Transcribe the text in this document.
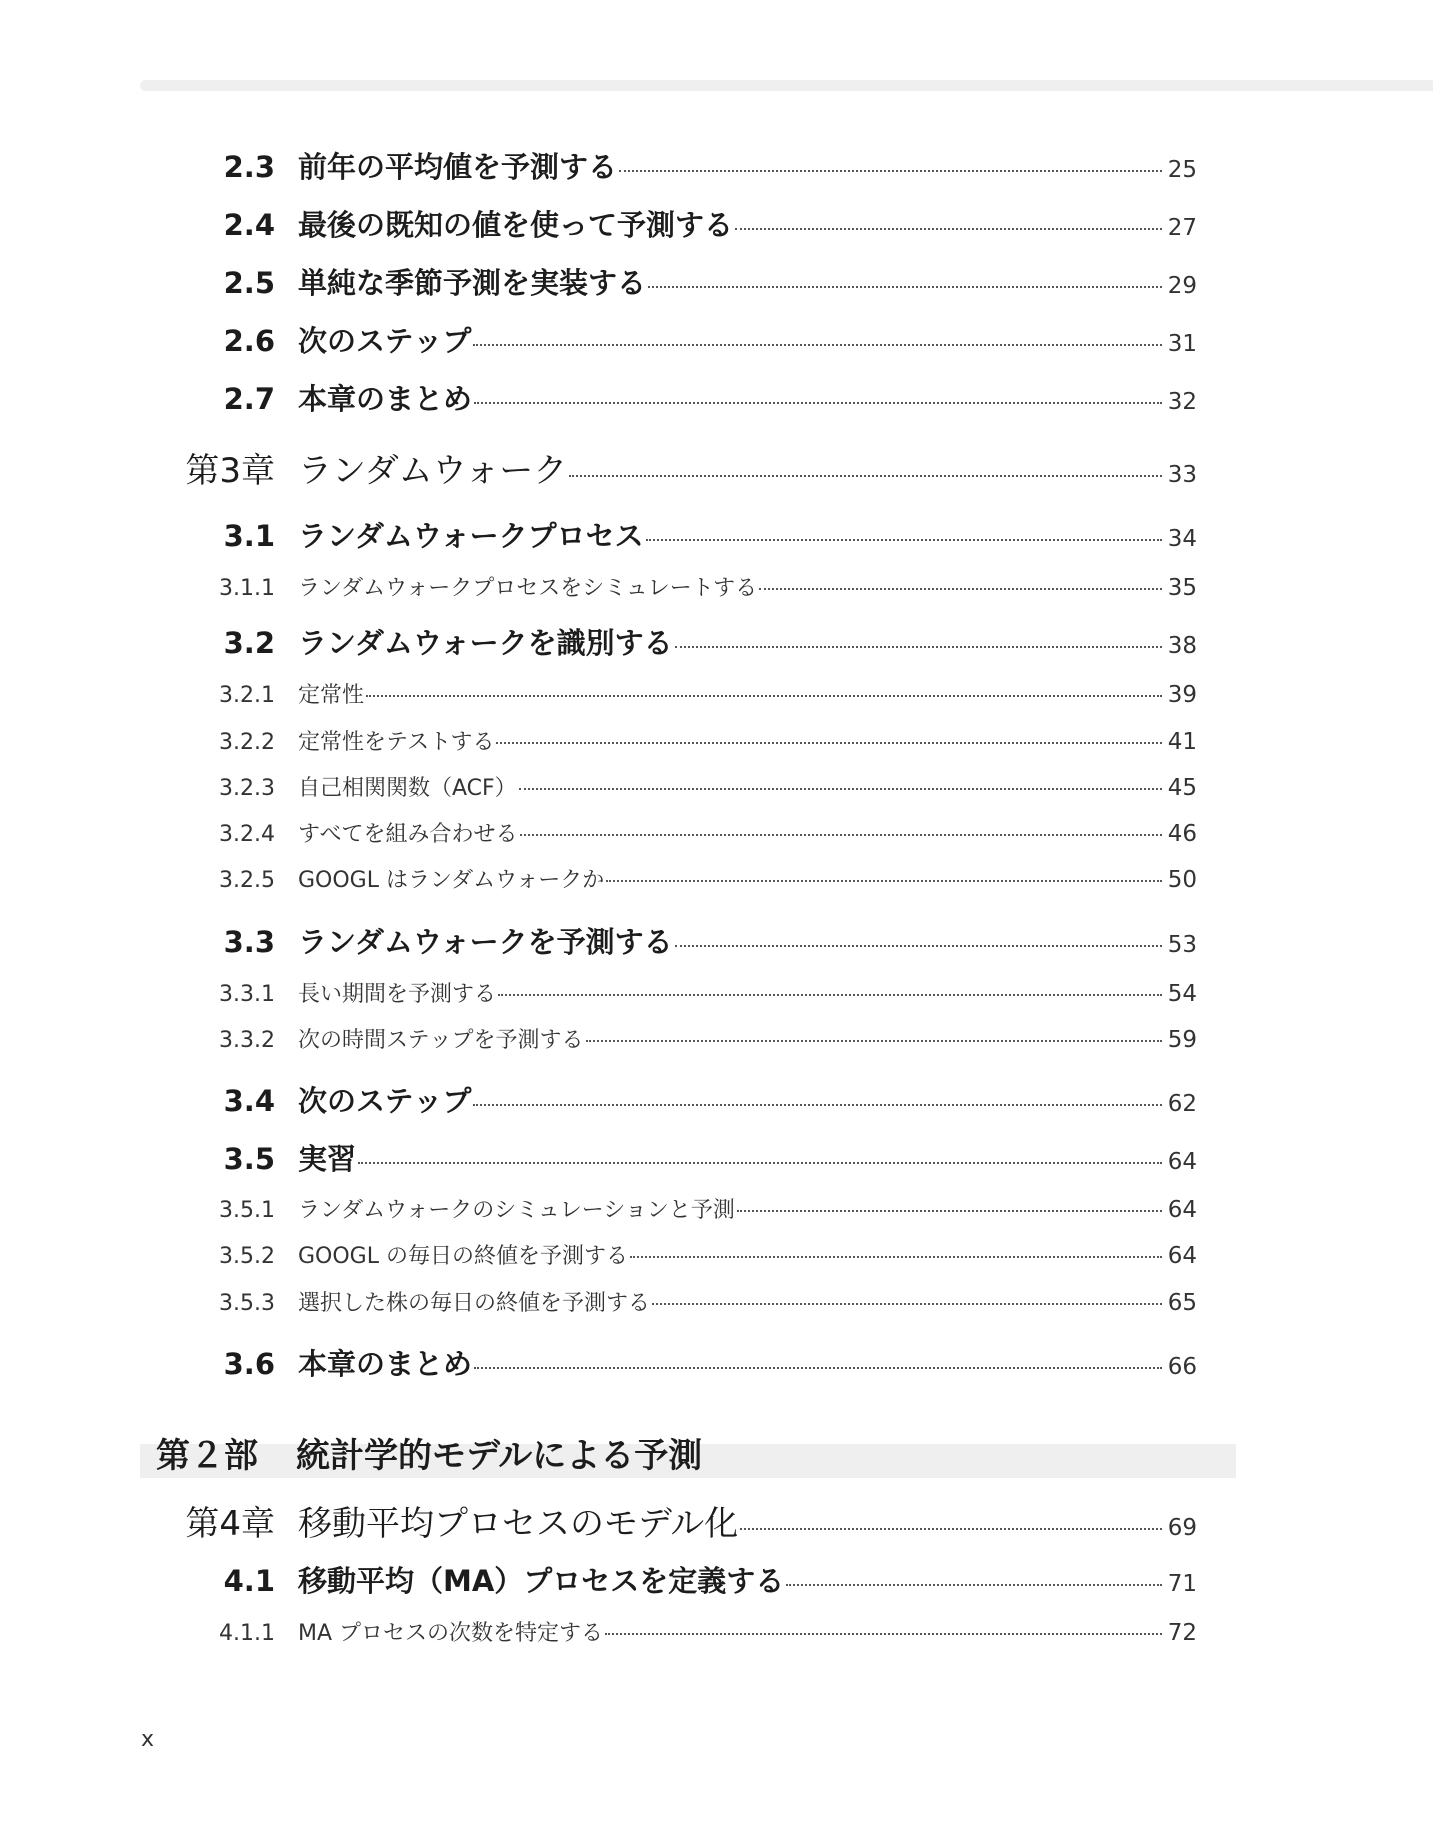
2.3 前年の平均値を予測する	25
2.4 最後の既知の値を使って予測する	27
2.5 単純な季節予測を実装する	29
2.6 次のステップ	31
2.7 本章のまとめ	32
第3章 ランダムウォーク	33
3.1 ランダムウォークプロセス	34
3.1.1	ランダムウォークプロセスをシミュレートする	35
3.2 ランダムウォークを識別する	38
3.2.1	定常性	39
3.2.2	定常性をテストする	41
3.2.3	自己相関関数（ACF）	45
3.2.4	すべてを組み合わせる	46
3.2.5	GOOGL はランダムウォークか	50
3.3 ランダムウォークを予測する	53
3.3.1	長い期間を予測する	54
3.3.2	次の時間ステップを予測する	59
3.4 次のステップ	62
3.5 実習	64
3.5.1	ランダムウォークのシミュレーションと予測	64
3.5.2	GOOGL の毎日の終値を予測する	64
3.5.3	選択した株の毎日の終値を予測する	65
3.6 本章のまとめ	66
第２部	統計学的モデルによる予測
第4章 移動平均プロセスのモデル化	69
4.1 移動平均（MA）プロセスを定義する	71
4.1.1	MA プロセスの次数を特定する	72
x
